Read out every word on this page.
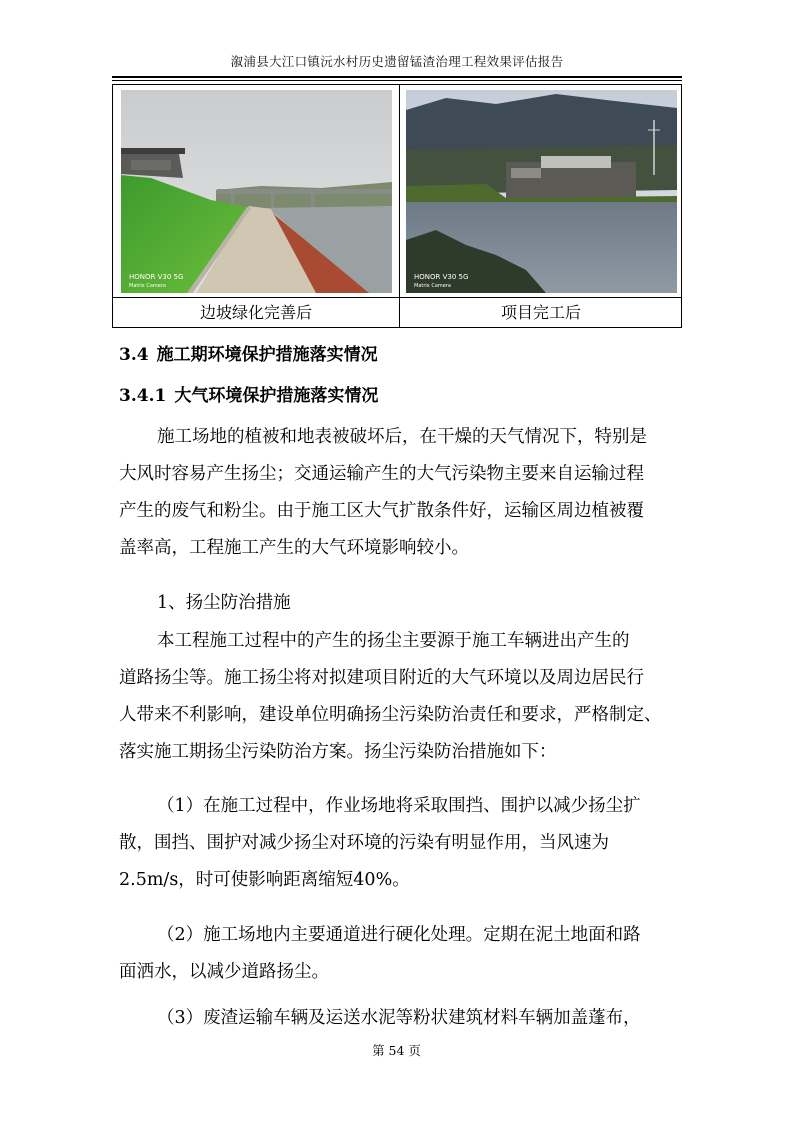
溆浦县大江口镇沅水村历史遗留锰渣治理工程效果评估报告
HONOR V30 5G
Matrix Camera
HONOR V30 5G
Matrix Camera
边坡绿化完善后	项目完工后
3.4 施工期环境保护措施落实情况
3.4.1 大气环境保护措施落实情况
施工场地的植被和地表被破坏后，在干燥的天气情况下，特别是
大风时容易产生扬尘；交通运输产生的大气污染物主要来自运输过程
产生的废气和粉尘。由于施工区大气扩散条件好，运输区周边植被覆
盖率高，工程施工产生的大气环境影响较小。
1、扬尘防治措施
本工程施工过程中的产生的扬尘主要源于施工车辆进出产生的
道路扬尘等。施工扬尘将对拟建项目附近的大气环境以及周边居民行
人带来不利影响，建设单位明确扬尘污染防治责任和要求，严格制定、
落实施工期扬尘污染防治方案。扬尘污染防治措施如下：
（1）在施工过程中，作业场地将采取围挡、围护以减少扬尘扩
散，围挡、围护对减少扬尘对环境的污染有明显作用，当风速为
2.5m/s，时可使影响距离缩短40%。
（2）施工场地内主要通道进行硬化处理。定期在泥土地面和路
面洒水，以减少道路扬尘。
（3）废渣运输车辆及运送水泥等粉状建筑材料车辆加盖蓬布，
第 54 页
